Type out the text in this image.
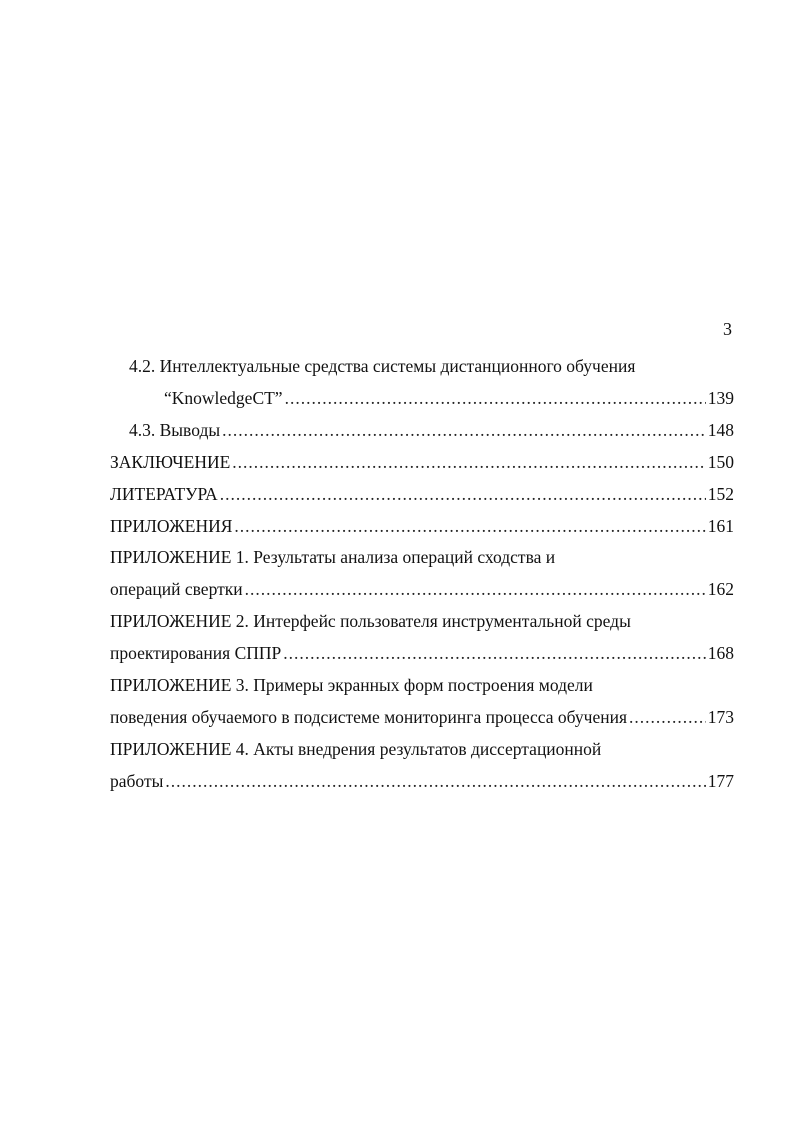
3
4.2. Интеллектуальные средства системы дистанционного обучения
“KnowledgeCT” .....	139
4.3. Выводы .....	148
ЗАКЛЮЧЕНИЕ .....	150
ЛИТЕРАТУРА .....	152
ПРИЛОЖЕНИЯ .....	161
ПРИЛОЖЕНИЕ 1. Результаты анализа операций сходства и
операций свертки .....	162
ПРИЛОЖЕНИЕ 2. Интерфейс пользователя инструментальной среды
проектирования СППР .....	168
ПРИЛОЖЕНИЕ 3. Примеры экранных форм построения модели
поведения обучаемого в подсистеме мониторинга процесса обучения .....	173
ПРИЛОЖЕНИЕ 4. Акты внедрения результатов диссертационной
работы .....	177
